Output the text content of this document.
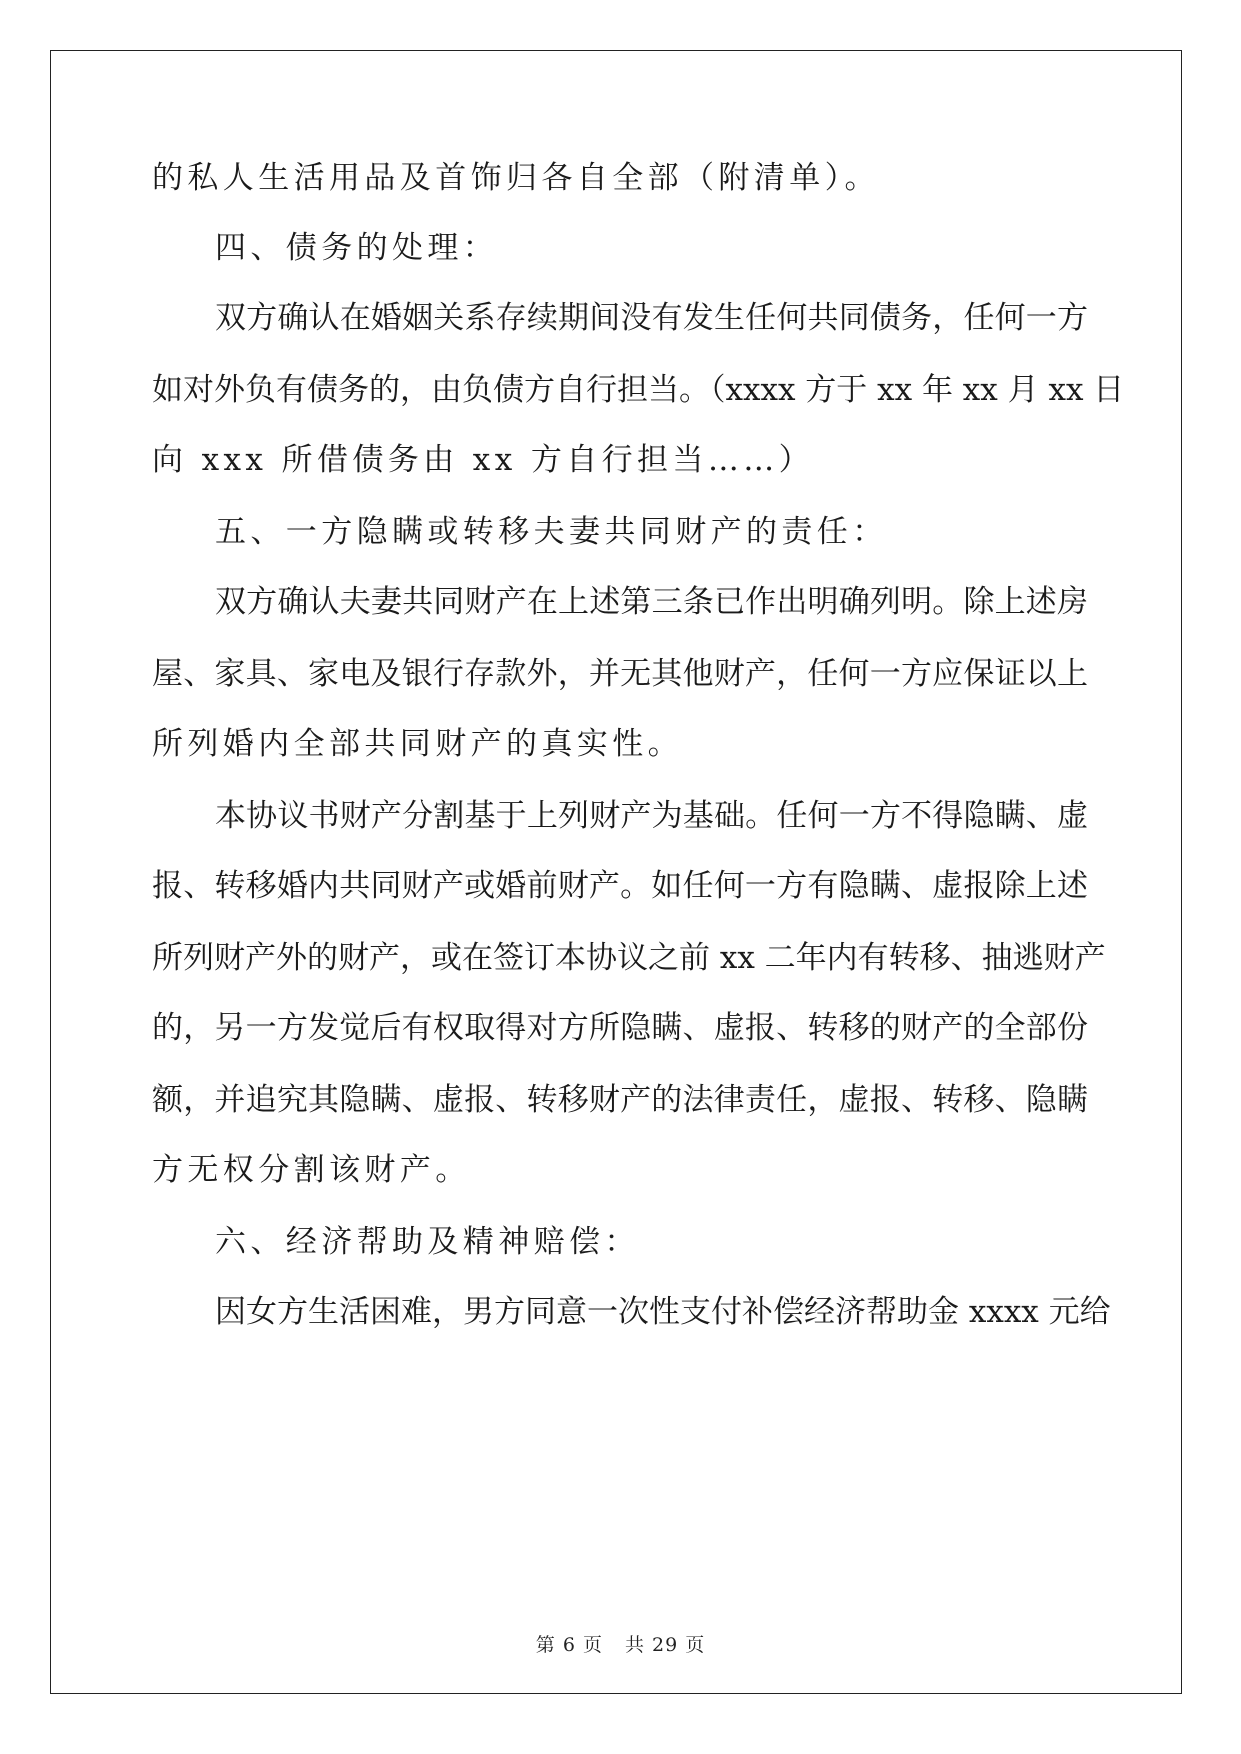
的私人生活用品及首饰归各自全部（附清单）。
四、债务的处理：
双方确认在婚姻关系存续期间没有发生任何共同债务，任何一方
如对外负有债务的，由负债方自行担当。（xxxx 方于 xx 年 xx 月 xx 日
向 xxx 所借债务由 xx 方自行担当……）
五、一方隐瞒或转移夫妻共同财产的责任：
双方确认夫妻共同财产在上述第三条已作出明确列明。除上述房
屋、家具、家电及银行存款外，并无其他财产，任何一方应保证以上
所列婚内全部共同财产的真实性。
本协议书财产分割基于上列财产为基础。任何一方不得隐瞒、虚
报、转移婚内共同财产或婚前财产。如任何一方有隐瞒、虚报除上述
所列财产外的财产，或在签订本协议之前 xx 二年内有转移、抽逃财产
的，另一方发觉后有权取得对方所隐瞒、虚报、转移的财产的全部份
额，并追究其隐瞒、虚报、转移财产的法律责任，虚报、转移、隐瞒
方无权分割该财产。
六、经济帮助及精神赔偿：
因女方生活困难，男方同意一次性支付补偿经济帮助金 xxxx 元给
第 6 页 共 29 页
